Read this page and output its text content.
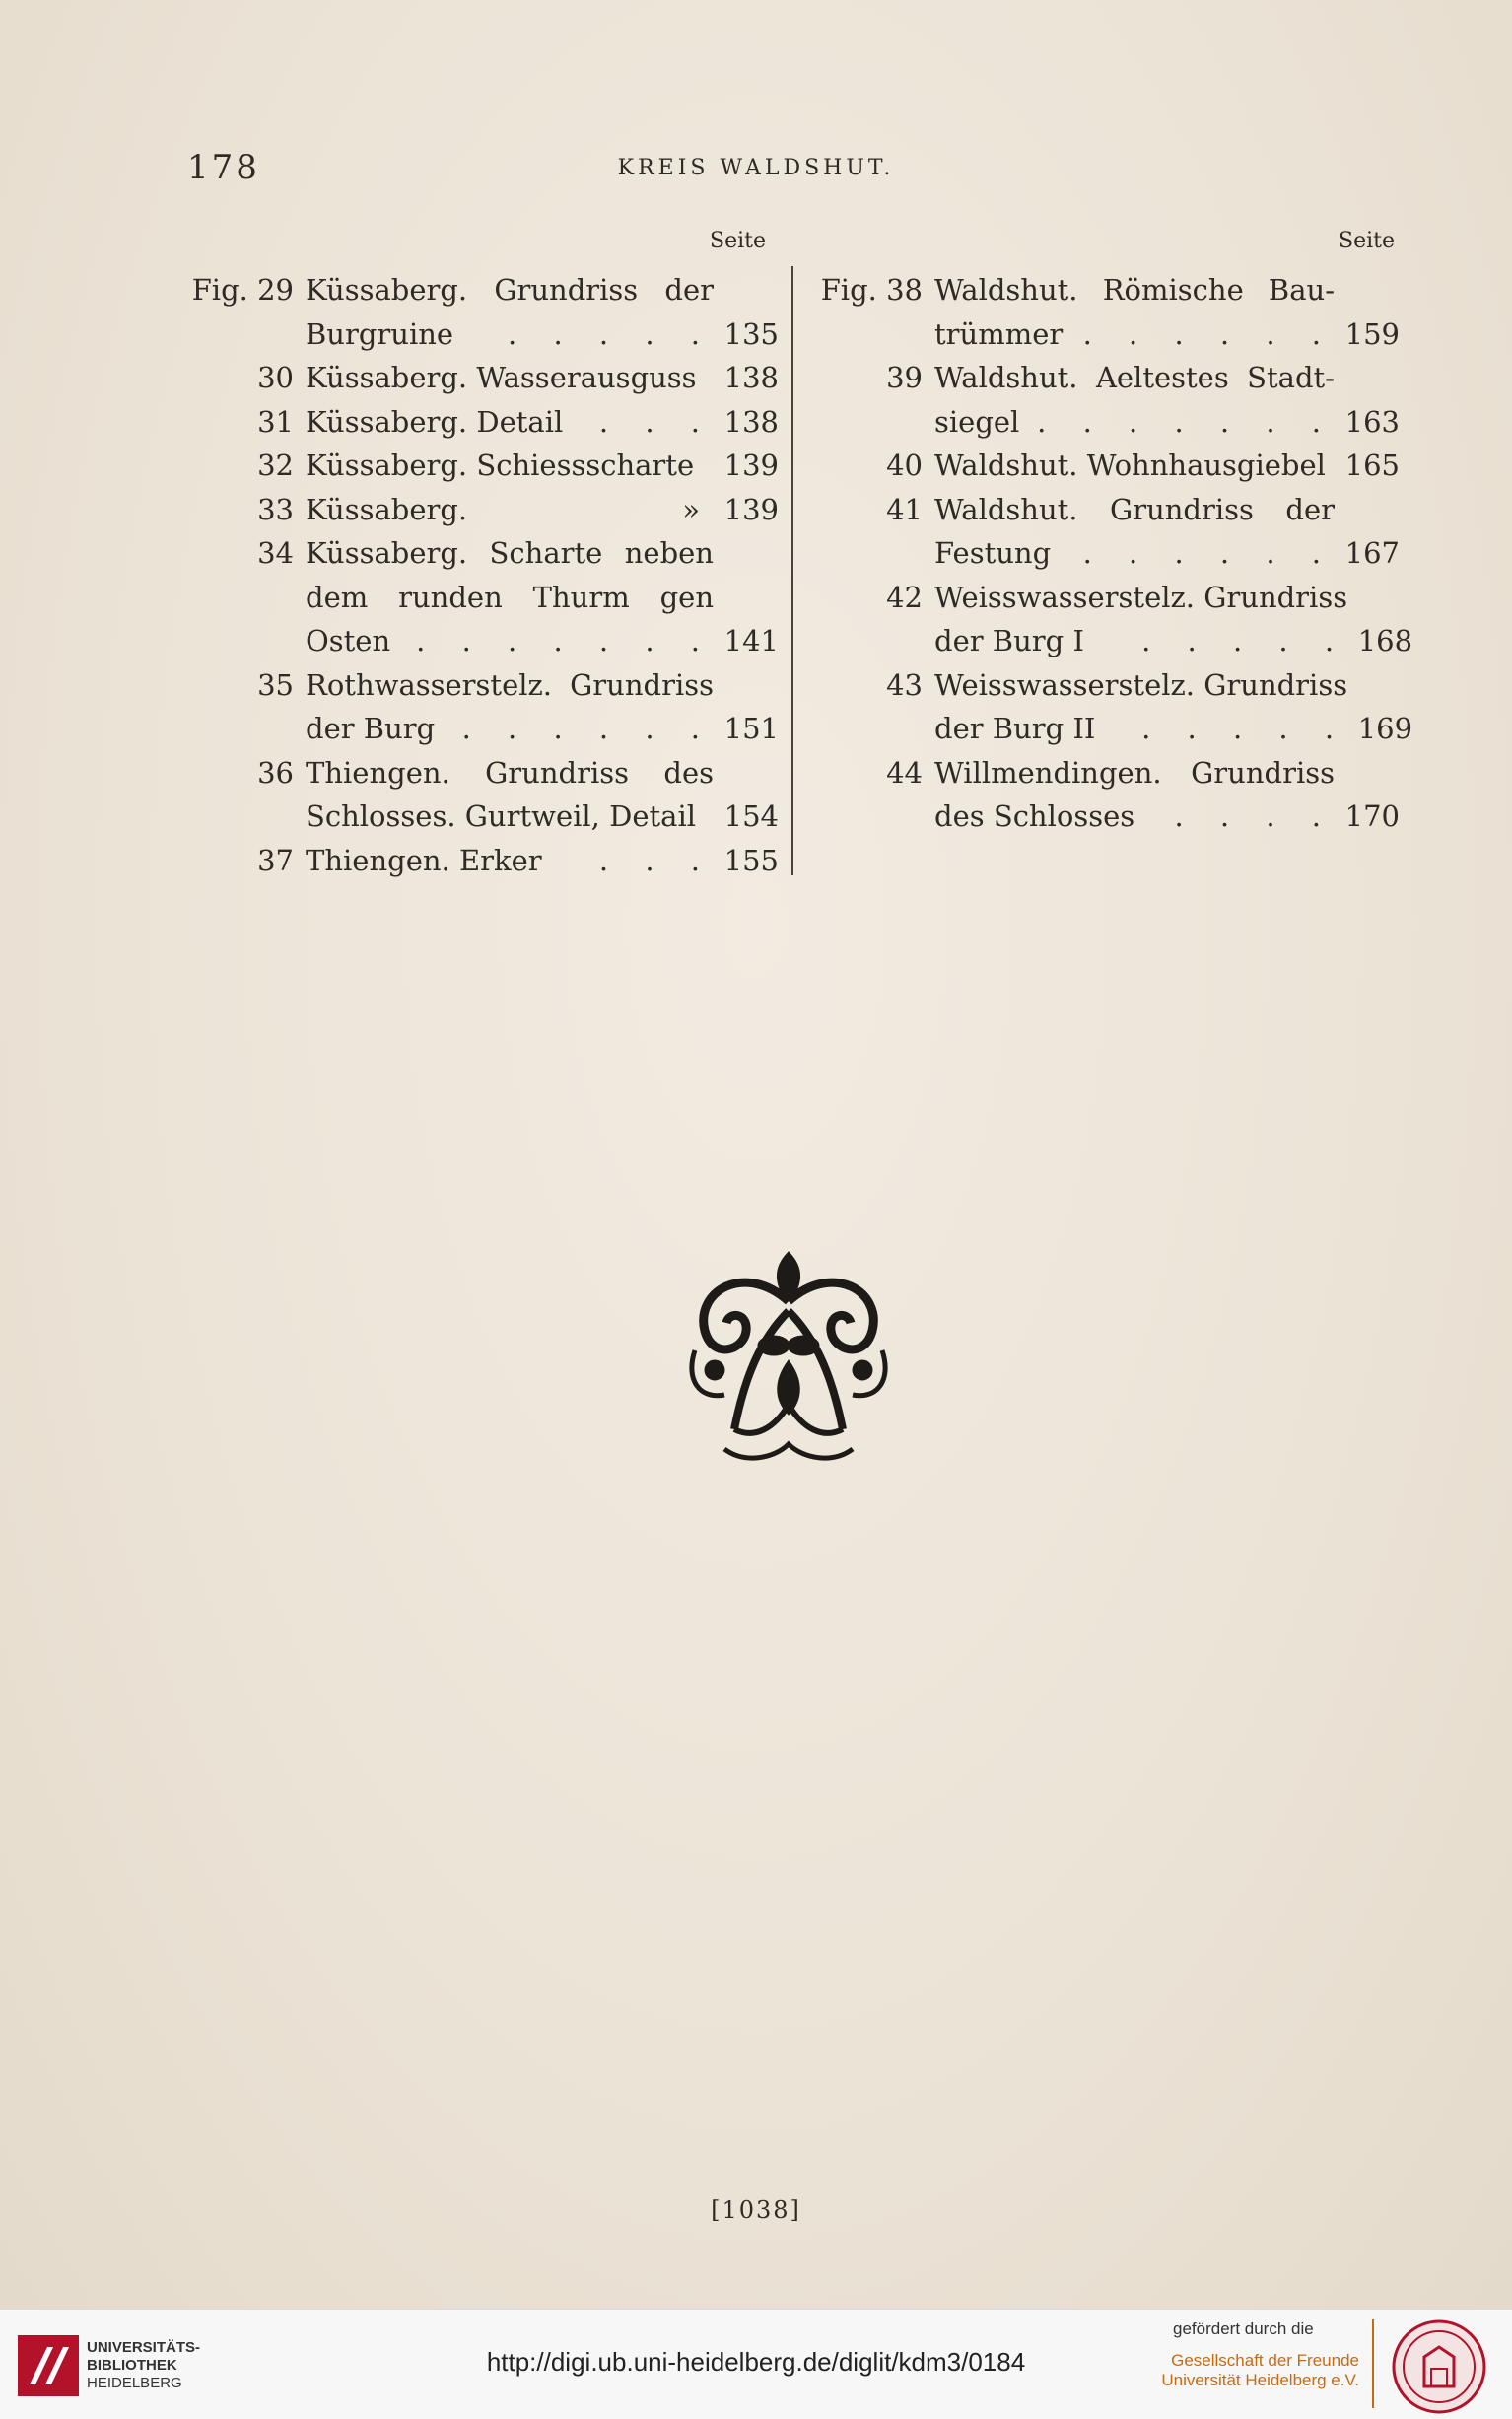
178	KREIS WALDSHUT.
Seite	Seite
Fig. 29 Küssaberg. Grundriss der
Burgruine	. . . . . 135
30 Küssaberg. Wasserausguss 138
31 Küssaberg. Detail	. . . 138
32 Küssaberg. Schiessscharte 139
33 Küssaberg.	» 139
34 Küssaberg. Scharte neben
dem runden Thurm gen
Osten . . . . . . . 141
35 Rothwasserstelz. Grundriss
der Burg . . . . . . 151
36 Thiengen. Grundriss des
Schlosses. Gurtweil, Detail 154
37 Thiengen. Erker	. . . 155
Fig. 38 Waldshut. Römische Bau-
trümmer . . . . . . 159
39 Waldshut. Aeltestes Stadt-
siegel . . . . . . . 163
40 Waldshut. Wohnhausgiebel 165
41 Waldshut. Grundriss der
Festung	. . . . . . 167
42 Weisswasserstelz. Grundriss
der Burg I	. . . . . 168
43 Weisswasserstelz. Grundriss
der Burg II	. . . . . 169
44 Willmendingen. Grundriss
des Schlosses	. . . . 170
[1038]
UNIVERSITÄTS-
BIBLIOTHEK
HEIDELBERG
http://digi.ub.uni-heidelberg.de/diglit/kdm3/0184
gefördert durch die
Gesellschaft der Freunde
Universität Heidelberg e.V.
